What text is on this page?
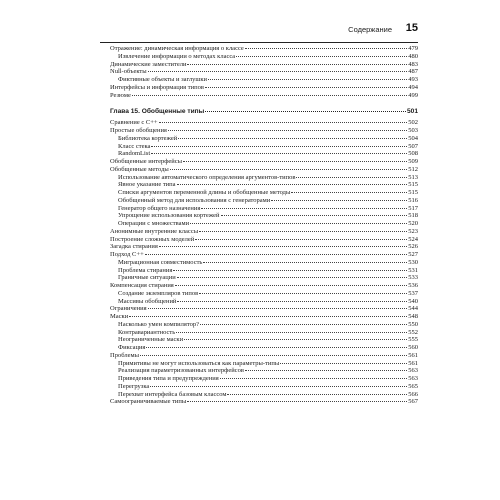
Содержание 15
Отражение: динамическая информация о классе	479
Извлечение информации о методах класса	480
Динамические заместители	483
Null-объекты	487
Фиктивные объекты и заглушки	493
Интерфейсы и информация типов	494
Резюме	499
Глава 15. Обобщенные типы	501
Сравнение с C++	502
Простые обобщения	503
Библиотека кортежей	504
Класс стека	507
RandomList	508
Обобщенные интерфейсы	509
Обобщенные методы	512
Использование автоматического определения аргументов-типов	513
Явное указание типа	515
Списки аргументов переменной длины и обобщенные методы	515
Обобщенный метод для использования с генераторами	516
Генератор общего назначения	517
Упрощение использования кортежей	518
Операции с множествами	520
Анонимные внутренние классы	523
Построение сложных моделей	524
Загадка стирания	526
Подход C++	527
Миграционная совместимость	530
Проблема стирания	531
Граничные ситуации	533
Компенсация стирания	536
Создание экземпляров типов	537
Массивы обобщений	540
Ограничения	544
Маски	548
Насколько умен компилятор?	550
Контравариантность	552
Неограниченные маски	555
Фиксация	560
Проблемы	561
Примитивы не могут использоваться как параметры-типы	561
Реализация параметризованных интерфейсов	563
Приведения типа и предупреждения	563
Перегрузка	565
Перехват интерфейса базовым классом	566
Самоограничиваемые типы	567
